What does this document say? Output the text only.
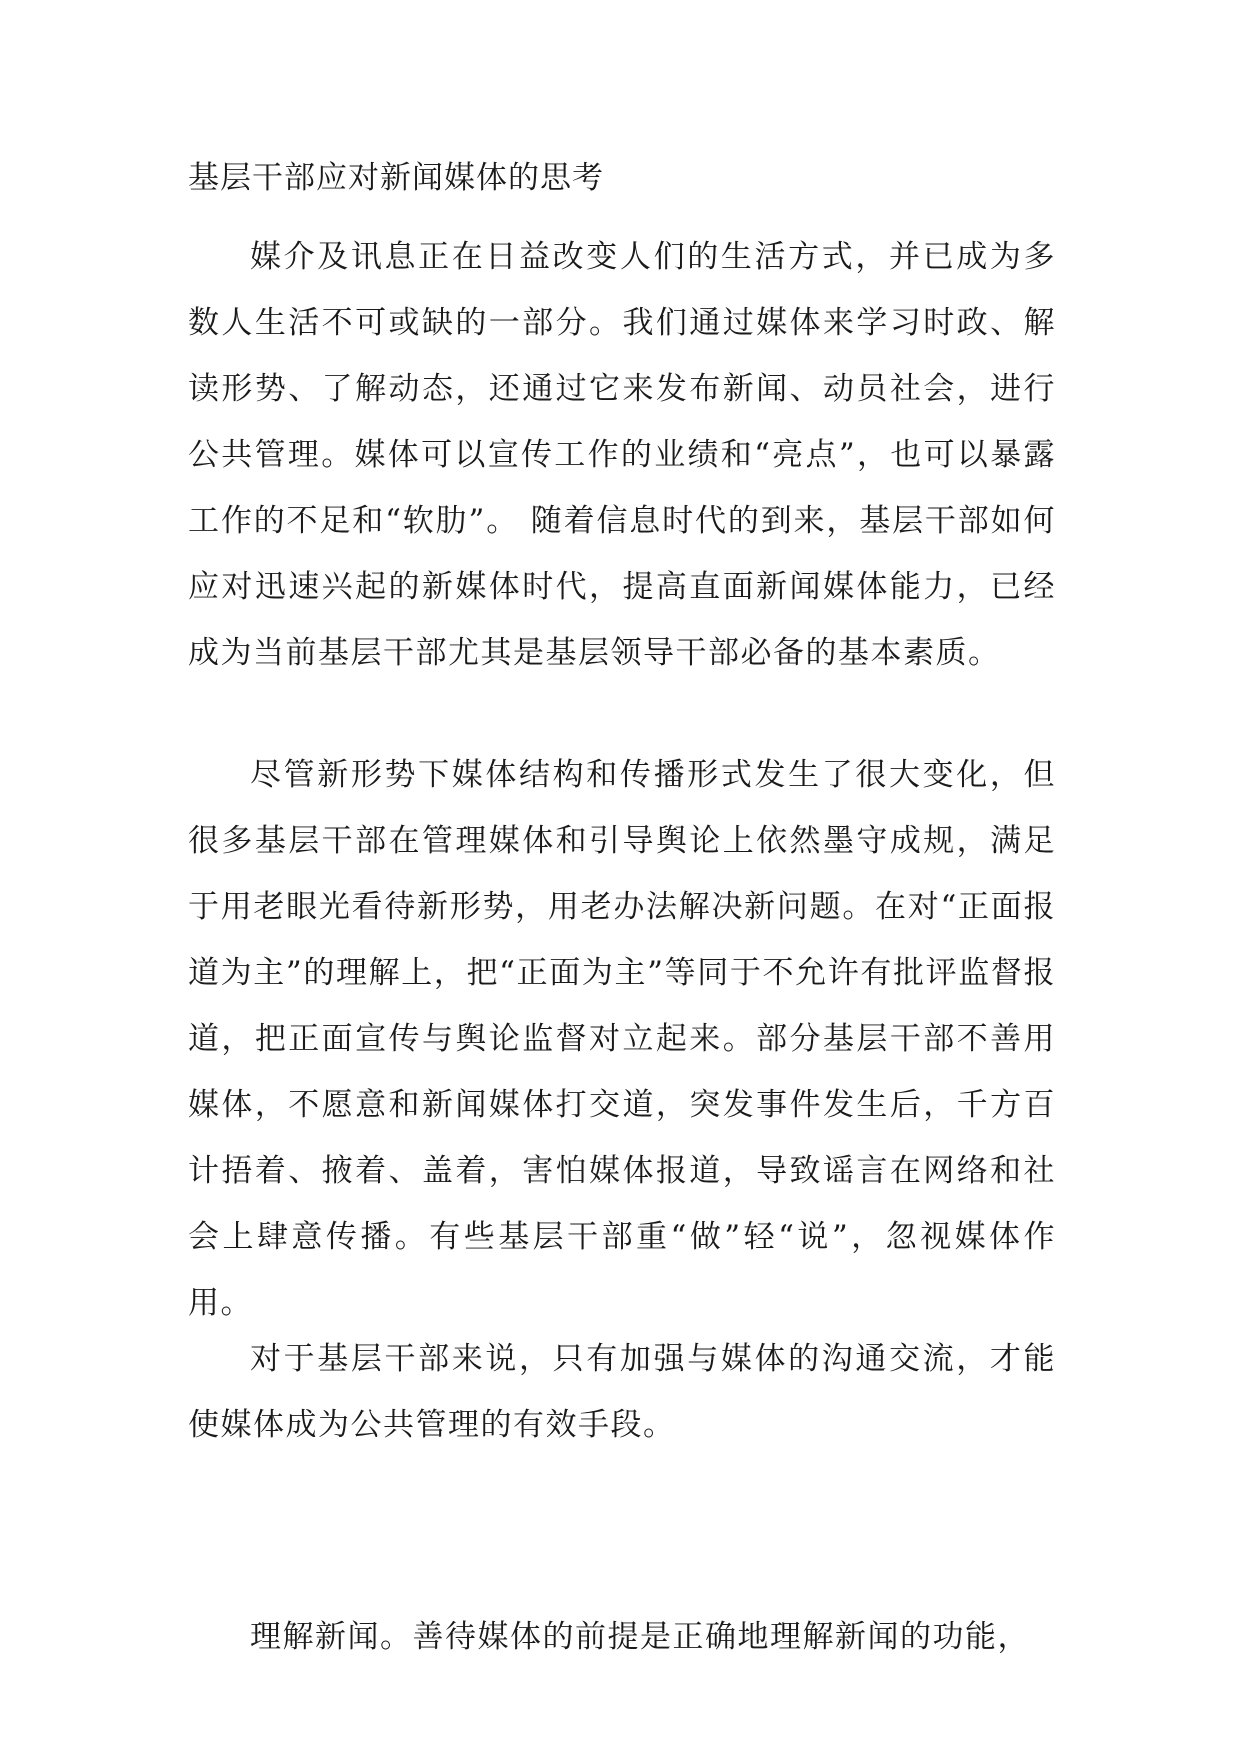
基层干部应对新闻媒体的思考

媒介及讯息正在日益改变人们的生活方式，并已成为多数人生活不可或缺的一部分。我们通过媒体来学习时政、解读形势、了解动态，还通过它来发布新闻、动员社会，进行公共管理。媒体可以宣传工作的业绩和“亮点”，也可以暴露工作的不足和“软肋”。 随着信息时代的到来，基层干部如何应对迅速兴起的新媒体时代，提高直面新闻媒体能力，已经成为当前基层干部尤其是基层领导干部必备的基本素质。

尽管新形势下媒体结构和传播形式发生了很大变化，但很多基层干部在管理媒体和引导舆论上依然墨守成规，满足于用老眼光看待新形势，用老办法解决新问题。在对“正面报道为主”的理解上，把“正面为主”等同于不允许有批评监督报道，把正面宣传与舆论监督对立起来。部分基层干部不善用媒体，不愿意和新闻媒体打交道，突发事件发生后，千方百计捂着、掖着、盖着，害怕媒体报道，导致谣言在网络和社会上肆意传播。有些基层干部重“做”轻“说”，忽视媒体作用。

对于基层干部来说，只有加强与媒体的沟通交流，才能使媒体成为公共管理的有效手段。

理解新闻。善待媒体的前提是正确地理解新闻的功能，
